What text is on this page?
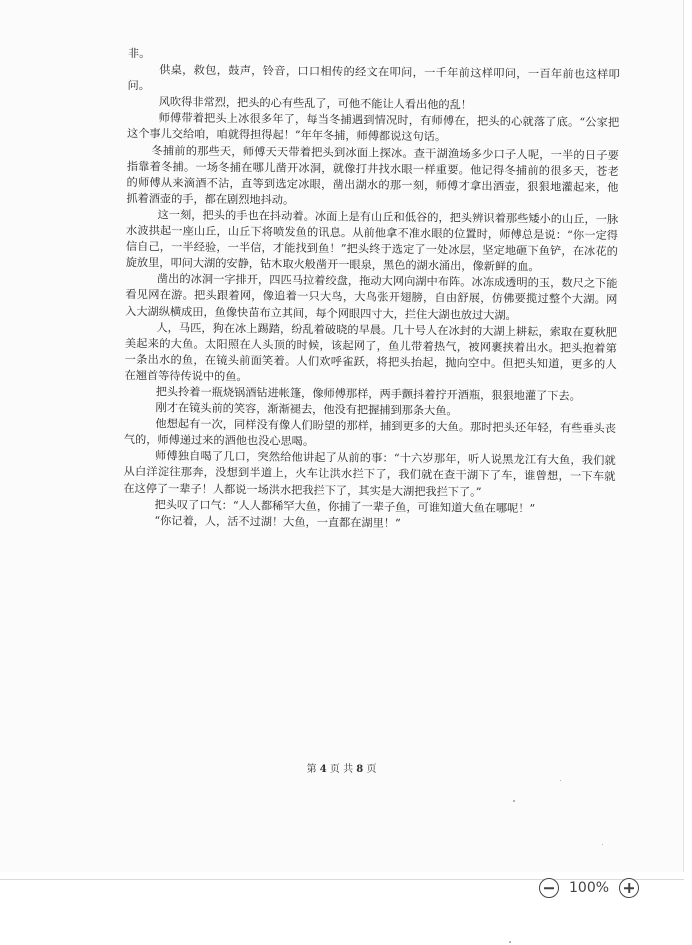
非。

供桌，救包，鼓声，铃音，口口相传的经文在叩问，一千年前这样叩问，一百年前也这样叩问。

风吹得非常烈，把头的心有些乱了，可他不能让人看出他的乱！

师傅带着把头上冰很多年了，每当冬捕遇到情况时，有师傅在，把头的心就落了底。“公家把这个事儿交给咱，咱就得担得起！”年年冬捕，师傅都说这句话。

冬捕前的那些天，师傅天天带着把头到冰面上探冰。查干湖渔场多少口子人呢，一半的日子要指靠着冬捕。一场冬捕在哪儿凿开冰洞，就像打井找水眼一样重要。他记得冬捕前的很多天，苍老的师傅从来滴酒不沾，直等到选定冰眼，凿出湖水的那一刻，师傅才拿出酒壶，狠狠地灌起来，他抓着酒壶的手，都在剧烈地抖动。

这一刻，把头的手也在抖动着。冰面上是有山丘和低谷的，把头辨识着那些矮小的山丘，一脉水波拱起一座山丘，山丘下将喷发鱼的讯息。从前他拿不准水眼的位置时，师傅总是说：“你一定得信自己，一半经验，一半信，才能找到鱼！”把头终于选定了一处冰层，坚定地砸下鱼铲，在冰花的旋放里，叩问大湖的安静，钻木取火般凿开一眼泉，黑色的湖水涌出，像新鲜的血。

凿出的冰洞一字排开，四匹马拉着绞盘，拖动大网向湖中布阵。冰冻成透明的玉，数尺之下能看见网在游。把头跟着网，像追着一只大鸟，大鸟张开翅膀，自由舒展，仿佛要揽过整个大湖。网入大湖纵横成田，鱼像快苗布立其间，每个网眼四寸大，拦住大湖也放过大湖。

人，马匹，狗在冰上踢踏，纷乱着破晓的早晨。几十号人在冰封的大湖上耕耘，索取在夏秋肥美起来的大鱼。太阳照在人头顶的时候，该起网了，鱼儿带着热气，被网裹挟着出水。把头抱着第一条出水的鱼，在镜头前面笑着。人们欢呼雀跃，将把头抬起，抛向空中。但把头知道，更多的人在翘首等待传说中的鱼。

把头拎着一瓶烧锅酒钻进帐篷，像师傅那样，两手颤抖着拧开酒瓶，狠狠地灌了下去。

刚才在镜头前的笑容，渐渐褪去，他没有把握捕到那条大鱼。

他想起有一次，同样没有像人们盼望的那样，捕到更多的大鱼。那时把头还年轻，有些垂头丧气的，师傅递过来的酒他也没心思喝。

师傅独自喝了几口，突然给他讲起了从前的事：“十六岁那年，听人说黑龙江有大鱼，我们就从白洋淀往那奔，没想到半道上，火车让洪水拦下了，我们就在查干湖下了车，谁曾想，一下车就在这停了一辈子！人都说一场洪水把我拦下了，其实是大湖把我拦下了。”

把头叹了口气：“人人都稀罕大鱼，你捕了一辈子鱼，可谁知道大鱼在哪呢！”

“你记着，人，活不过湖！大鱼，一直都在湖里！”

第 4 页 共 8 页
100%
